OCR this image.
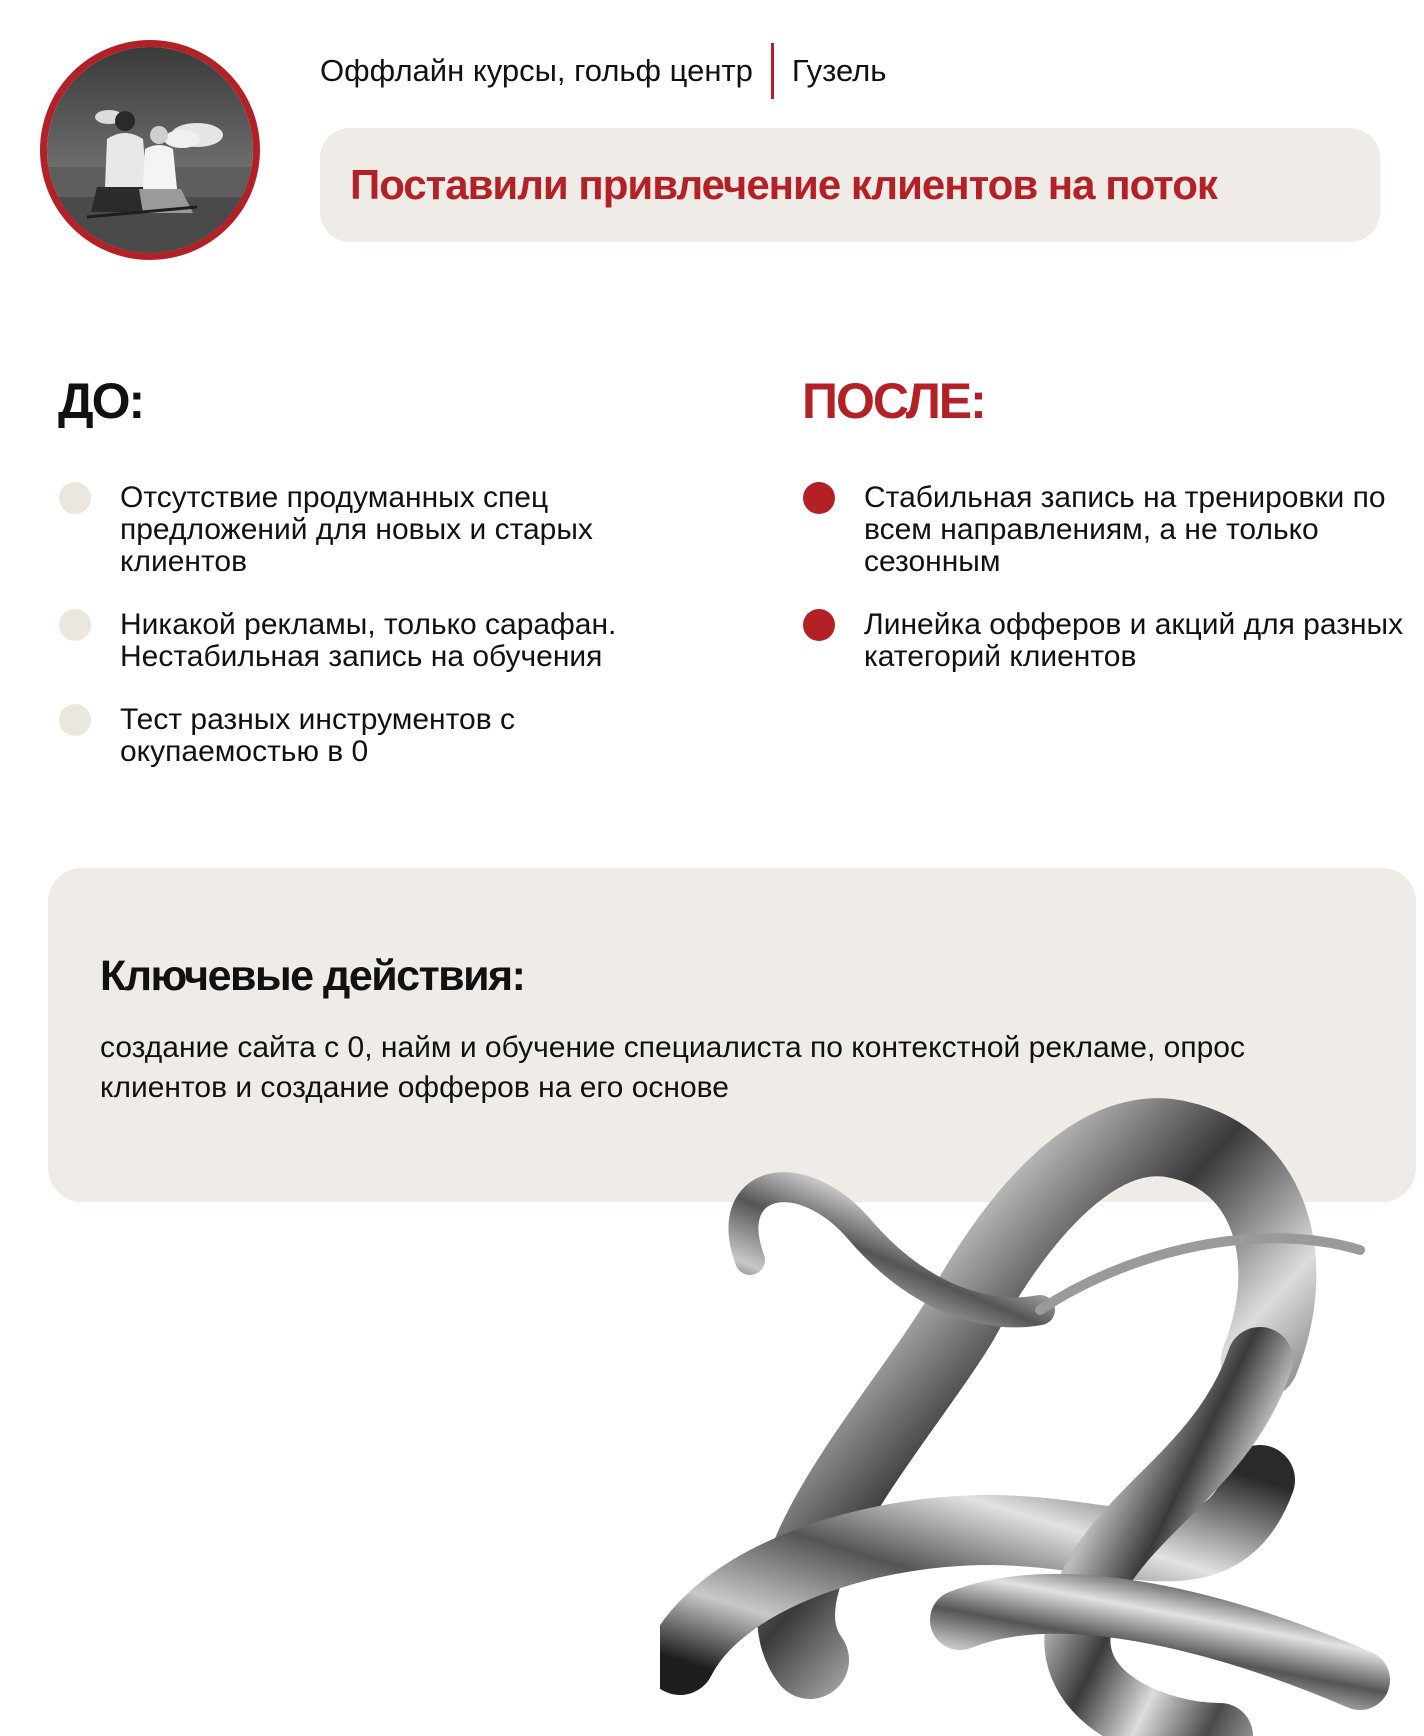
Оффлайн курсы, гольф центр Гузель
Поставили привлечение клиентов на поток
ДО:	ПОСЛЕ:
Отсутствие продуманных спец предложений для новых и старых клиентов
Никакой рекламы, только сарафан. Нестабильная запись на обучения
Тест разных инструментов с окупаемостью в 0
Стабильная запись на тренировки по всем направлениям, а не только сезонным
Линейка офферов и акций для разных категорий клиентов
Ключевые действия:
создание сайта с 0, найм и обучение специалиста по контекстной рекламе, опрос клиентов и создание офферов на его основе
